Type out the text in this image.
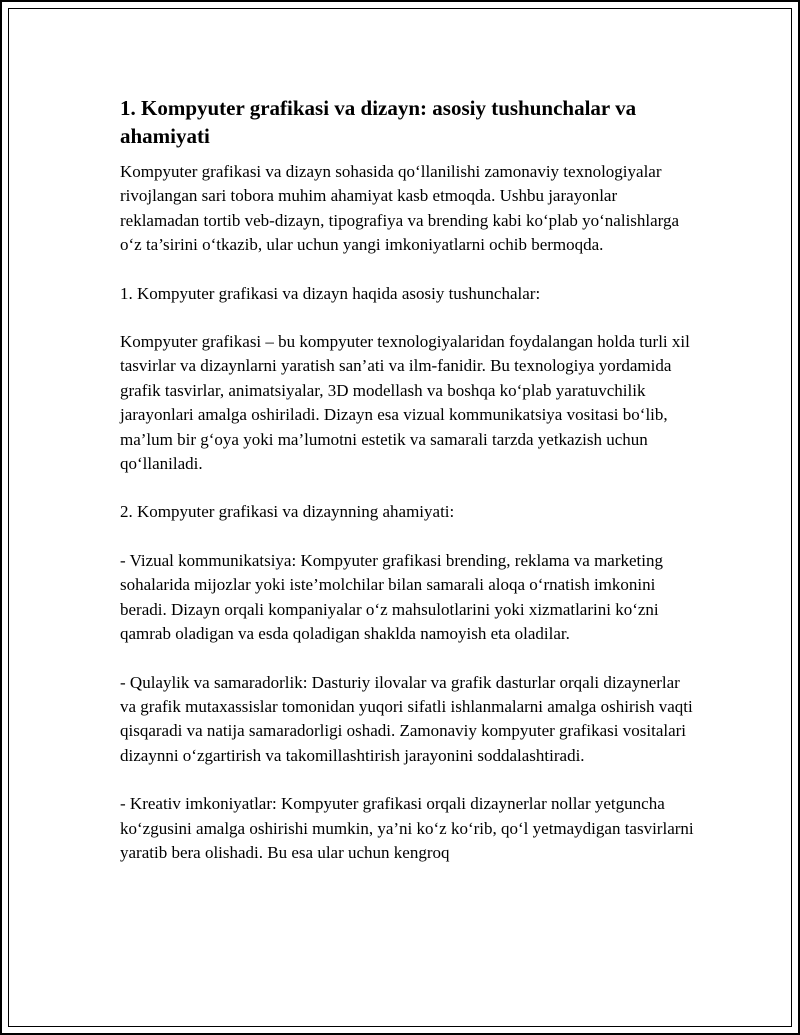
1. Kompyuter grafikasi va dizayn: asosiy tushunchalar va ahamiyati

Kompyuter grafikasi va dizayn sohasida qo‘llanilishi zamonaviy texnologiyalar rivojlangan sari tobora muhim ahamiyat kasb etmoqda. Ushbu jarayonlar reklamadan tortib veb-dizayn, tipografiya va brending kabi ko‘plab yo‘nalishlarga o‘z ta’sirini o‘tkazib, ular uchun yangi imkoniyatlarni ochib bermoqda.

1. Kompyuter grafikasi va dizayn haqida asosiy tushunchalar:

Kompyuter grafikasi – bu kompyuter texnologiyalaridan foydalangan holda turli xil tasvirlar va dizaynlarni yaratish san’ati va ilm-fanidir. Bu texnologiya yordamida grafik tasvirlar, animatsiyalar, 3D modellash va boshqa ko‘plab yaratuvchilik jarayonlari amalga oshiriladi. Dizayn esa vizual kommunikatsiya vositasi bo‘lib, ma’lum bir g‘oya yoki ma’lumotni estetik va samarali tarzda yetkazish uchun qo‘llaniladi.

2. Kompyuter grafikasi va dizaynning ahamiyati:

- Vizual kommunikatsiya: Kompyuter grafikasi brending, reklama va marketing sohalarida mijozlar yoki iste’molchilar bilan samarali aloqa o‘rnatish imkonini beradi. Dizayn orqali kompaniyalar o‘z mahsulotlarini yoki xizmatlarini ko‘zni qamrab oladigan va esda qoladigan shaklda namoyish eta oladilar.

- Qulaylik va samaradorlik: Dasturiy ilovalar va grafik dasturlar orqali dizaynerlar va grafik mutaxassislar tomonidan yuqori sifatli ishlanmalarni amalga oshirish vaqti qisqaradi va natija samaradorligi oshadi. Zamonaviy kompyuter grafikasi vositalari dizaynni o‘zgartirish va takomillashtirish jarayonini soddalashtiradi.

- Kreativ imkoniyatlar: Kompyuter grafikasi orqali dizaynerlar nollar yetguncha ko‘zgusini amalga oshirishi mumkin, ya’ni ko‘z ko‘rib, qo‘l yetmaydigan tasvirlarni yaratib bera olishadi. Bu esa ular uchun kengroq
